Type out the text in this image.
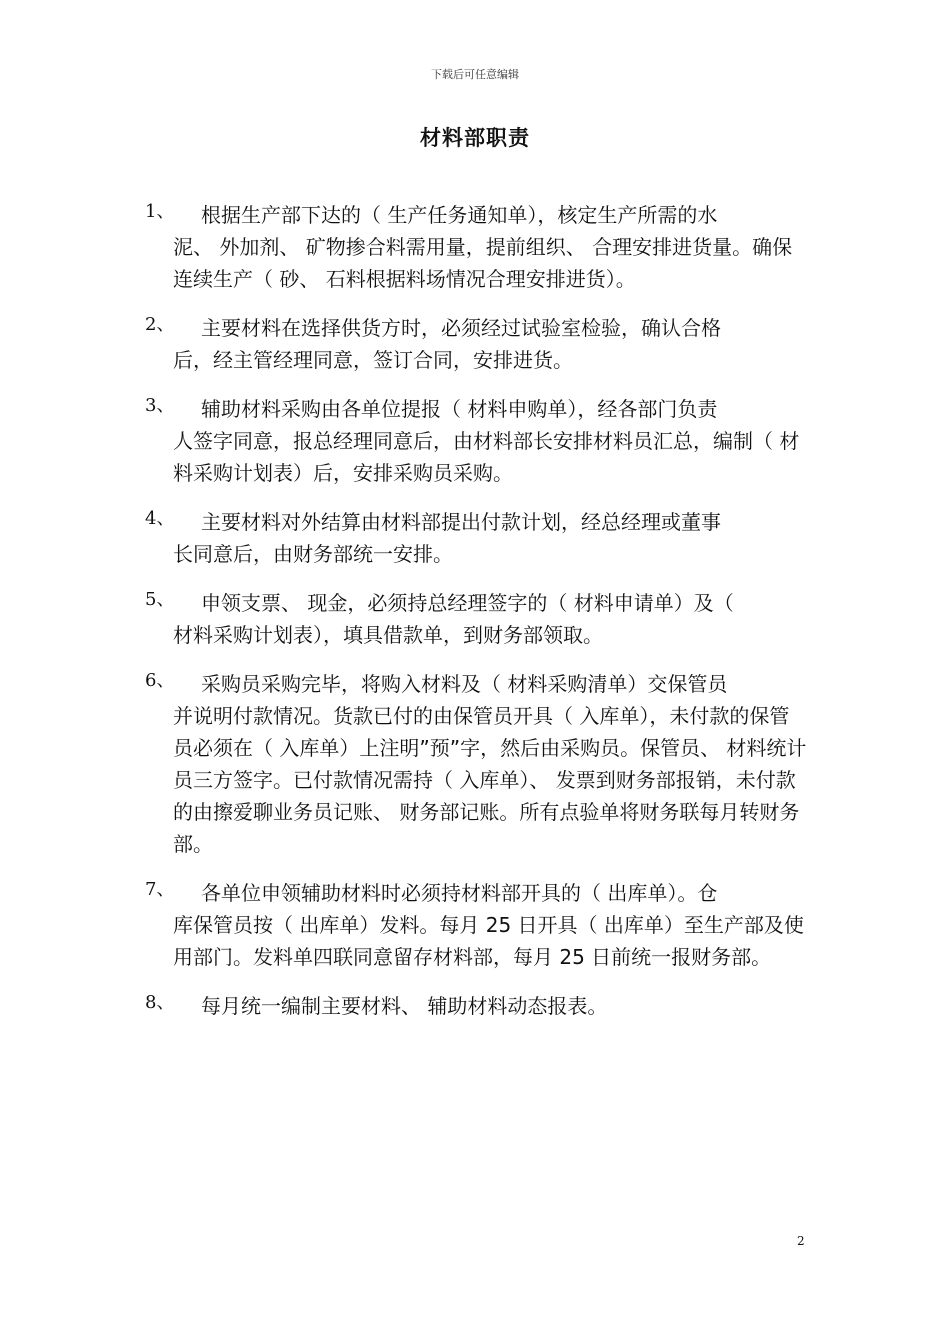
下载后可任意编辑
材料部职责
1、	根据生产部下达的（ 生产任务通知单），核定生产所需的水
泥、 外加剂、 矿物掺合料需用量，提前组织、 合理安排进货量。确保连续生产（ 砂、 石料根据料场情况合理安排进货）。
2、	主要材料在选择供货方时，必须经过试验室检验，确认合格
后，经主管经理同意，签订合同，安排进货。
3、	辅助材料采购由各单位提报（ 材料申购单），经各部门负责
人签字同意，报总经理同意后，由材料部长安排材料员汇总，编制（ 材料采购计划表）后，安排采购员采购。
4、	主要材料对外结算由材料部提出付款计划，经总经理或董事
长同意后，由财务部统一安排。
5、	申领支票、 现金，必须持总经理签字的（ 材料申请单）及（
材料采购计划表），填具借款单，到财务部领取。
6、	采购员采购完毕，将购入材料及（ 材料采购清单）交保管员
并说明付款情况。货款已付的由保管员开具（ 入库单），未付款的保管员必须在（ 入库单）上注明”预”字，然后由采购员。保管员、 材料统计员三方签字。已付款情况需持（ 入库单）、 发票到财务部报销，未付款的由擦爱聊业务员记账、 财务部记账。所有点验单将财务联每月转财务部。
7、	各单位申领辅助材料时必须持材料部开具的（ 出库单）。仓
库保管员按（ 出库单）发料。每月 25 日开具（ 出库单）至生产部及使用部门。发料单四联同意留存材料部，每月 25 日前统一报财务部。
8、	每月统一编制主要材料、 辅助材料动态报表。
2
